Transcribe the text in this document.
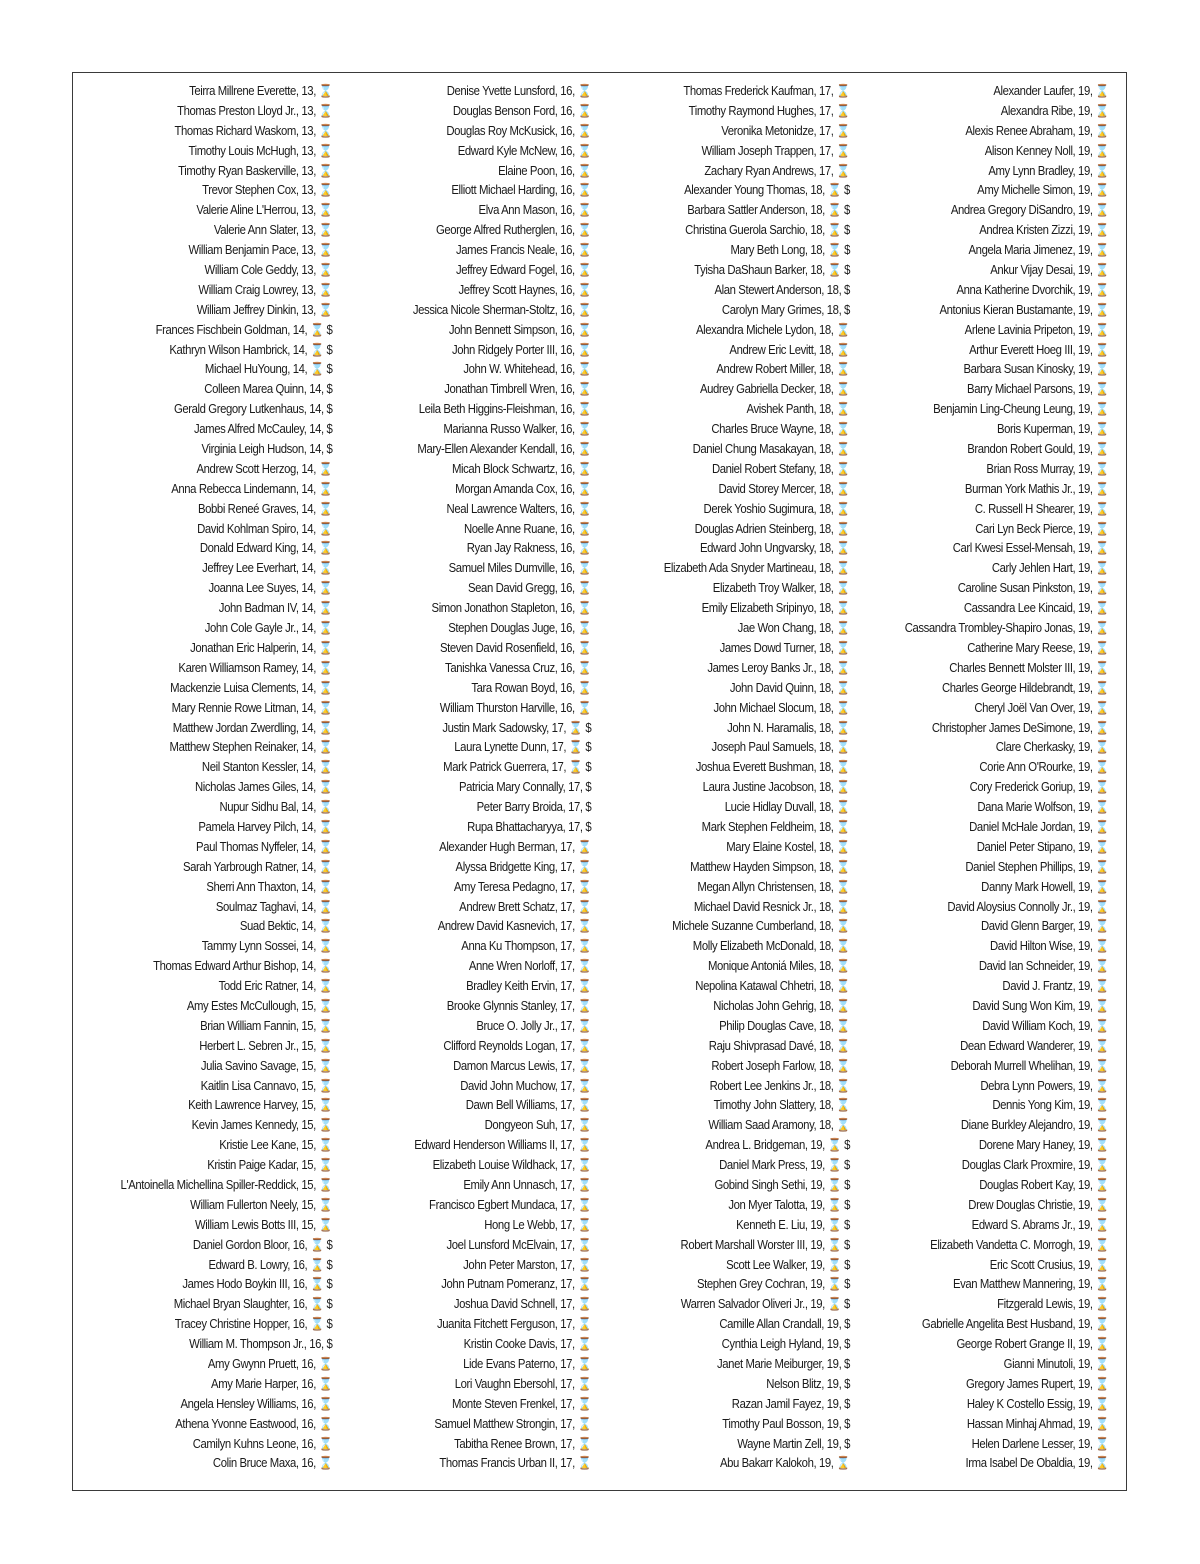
Teirra Millrene Everette, 13, ⌛
Thomas Preston Lloyd Jr., 13, ⌛
Thomas Richard Waskom, 13, ⌛
Timothy Louis McHugh, 13, ⌛
Timothy Ryan Baskerville, 13, ⌛
Trevor Stephen Cox, 13, ⌛
Valerie Aline L'Herrou, 13, ⌛
Valerie Ann Slater, 13, ⌛
William Benjamin Pace, 13, ⌛
William Cole Geddy, 13, ⌛
William Craig Lowrey, 13, ⌛
William Jeffrey Dinkin, 13, ⌛
Frances Fischbein Goldman, 14, ⌛ $
Kathryn Wilson Hambrick, 14, ⌛ $
Michael HuYoung, 14, ⌛ $
Colleen Marea Quinn, 14, $
Gerald Gregory Lutkenhaus, 14, $
James Alfred McCauley, 14, $
Virginia Leigh Hudson, 14, $
Andrew Scott Herzog, 14, ⌛
Anna Rebecca Lindemann, 14, ⌛
Bobbi Reneé Graves, 14, ⌛
David Kohlman Spiro, 14, ⌛
Donald Edward King, 14, ⌛
Jeffrey Lee Everhart, 14, ⌛
Joanna Lee Suyes, 14, ⌛
John Badman IV, 14, ⌛
John Cole Gayle Jr., 14, ⌛
Jonathan Eric Halperin, 14, ⌛
Karen Williamson Ramey, 14, ⌛
Mackenzie Luisa Clements, 14, ⌛
Mary Rennie Rowe Litman, 14, ⌛
Matthew Jordan Zwerdling, 14, ⌛
Matthew Stephen Reinaker, 14, ⌛
Neil Stanton Kessler, 14, ⌛
Nicholas James Giles, 14, ⌛
Nupur Sidhu Bal, 14, ⌛
Pamela Harvey Pilch, 14, ⌛
Paul Thomas Nyffeler, 14, ⌛
Sarah Yarbrough Ratner, 14, ⌛
Sherri Ann Thaxton, 14, ⌛
Soulmaz Taghavi, 14, ⌛
Suad Bektic, 14, ⌛
Tammy Lynn Sossei, 14, ⌛
Thomas Edward Arthur Bishop, 14, ⌛
Todd Eric Ratner, 14, ⌛
Amy Estes McCullough, 15, ⌛
Brian William Fannin, 15, ⌛
Herbert L. Sebren Jr., 15, ⌛
Julia Savino Savage, 15, ⌛
Kaitlin Lisa Cannavo, 15, ⌛
Keith Lawrence Harvey, 15, ⌛
Kevin James Kennedy, 15, ⌛
Kristie Lee Kane, 15, ⌛
Kristin Paige Kadar, 15, ⌛
L'Antoinella Michellina Spiller-Reddick, 15, ⌛
William Fullerton Neely, 15, ⌛
William Lewis Botts III, 15, ⌛
Daniel Gordon Bloor, 16, ⌛ $
Edward B. Lowry, 16, ⌛ $
James Hodo Boykin III, 16, ⌛ $
Michael Bryan Slaughter, 16, ⌛ $
Tracey Christine Hopper, 16, ⌛ $
William M. Thompson Jr., 16, $
Amy Gwynn Pruett, 16, ⌛
Amy Marie Harper, 16, ⌛
Angela Hensley Williams, 16, ⌛
Athena Yvonne Eastwood, 16, ⌛
Camilyn Kuhns Leone, 16, ⌛
Colin Bruce Maxa, 16, ⌛
Denise Yvette Lunsford, 16, ⌛
Douglas Benson Ford, 16, ⌛
Douglas Roy McKusick, 16, ⌛
Edward Kyle McNew, 16, ⌛
Elaine Poon, 16, ⌛
Elliott Michael Harding, 16, ⌛
Elva Ann Mason, 16, ⌛
George Alfred Rutherglen, 16, ⌛
James Francis Neale, 16, ⌛
Jeffrey Edward Fogel, 16, ⌛
Jeffrey Scott Haynes, 16, ⌛
Jessica Nicole Sherman-Stoltz, 16, ⌛
John Bennett Simpson, 16, ⌛
John Ridgely Porter III, 16, ⌛
John W. Whitehead, 16, ⌛
Jonathan Timbrell Wren, 16, ⌛
Leila Beth Higgins-Fleishman, 16, ⌛
Marianna Russo Walker, 16, ⌛
Mary-Ellen Alexander Kendall, 16, ⌛
Micah Block Schwartz, 16, ⌛
Morgan Amanda Cox, 16, ⌛
Neal Lawrence Walters, 16, ⌛
Noelle Anne Ruane, 16, ⌛
Ryan Jay Rakness, 16, ⌛
Samuel Miles Dumville, 16, ⌛
Sean David Gregg, 16, ⌛
Simon Jonathon Stapleton, 16, ⌛
Stephen Douglas Juge, 16, ⌛
Steven David Rosenfield, 16, ⌛
Tanishka Vanessa Cruz, 16, ⌛
Tara Rowan Boyd, 16, ⌛
William Thurston Harville, 16, ⌛
Justin Mark Sadowsky, 17, ⌛ $
Laura Lynette Dunn, 17, ⌛ $
Mark Patrick Guerrera, 17, ⌛ $
Patricia Mary Connally, 17, $
Peter Barry Broida, 17, $
Rupa Bhattacharyya, 17, $
Alexander Hugh Berman, 17, ⌛
Alyssa Bridgette King, 17, ⌛
Amy Teresa Pedagno, 17, ⌛
Andrew Brett Schatz, 17, ⌛
Andrew David Kasnevich, 17, ⌛
Anna Ku Thompson, 17, ⌛
Anne Wren Norloff, 17, ⌛
Bradley Keith Ervin, 17, ⌛
Brooke Glynnis Stanley, 17, ⌛
Bruce O. Jolly Jr., 17, ⌛
Clifford Reynolds Logan, 17, ⌛
Damon Marcus Lewis, 17, ⌛
David John Muchow, 17, ⌛
Dawn Bell Williams, 17, ⌛
Dongyeon Suh, 17, ⌛
Edward Henderson Williams II, 17, ⌛
Elizabeth Louise Wildhack, 17, ⌛
Emily Ann Unnasch, 17, ⌛
Francisco Egbert Mundaca, 17, ⌛
Hong Le Webb, 17, ⌛
Joel Lunsford McElvain, 17, ⌛
John Peter Marston, 17, ⌛
John Putnam Pomeranz, 17, ⌛
Joshua David Schnell, 17, ⌛
Juanita Fitchett Ferguson, 17, ⌛
Kristin Cooke Davis, 17, ⌛
Lide Evans Paterno, 17, ⌛
Lori Vaughn Ebersohl, 17, ⌛
Monte Steven Frenkel, 17, ⌛
Samuel Matthew Strongin, 17, ⌛
Tabitha Renee Brown, 17, ⌛
Thomas Francis Urban II, 17, ⌛
Thomas Frederick Kaufman, 17, ⌛
Timothy Raymond Hughes, 17, ⌛
Veronika Metonidze, 17, ⌛
William Joseph Trappen, 17, ⌛
Zachary Ryan Andrews, 17, ⌛
Alexander Young Thomas, 18, ⌛ $
Barbara Sattler Anderson, 18, ⌛ $
Christina Guerola Sarchio, 18, ⌛ $
Mary Beth Long, 18, ⌛ $
Tyisha DaShaun Barker, 18, ⌛ $
Alan Stewert Anderson, 18, $
Carolyn Mary Grimes, 18, $
Alexandra Michele Lydon, 18, ⌛
Andrew Eric Levitt, 18, ⌛
Andrew Robert Miller, 18, ⌛
Audrey Gabriella Decker, 18, ⌛
Avishek Panth, 18, ⌛
Charles Bruce Wayne, 18, ⌛
Daniel Chung Masakayan, 18, ⌛
Daniel Robert Stefany, 18, ⌛
David Storey Mercer, 18, ⌛
Derek Yoshio Sugimura, 18, ⌛
Douglas Adrien Steinberg, 18, ⌛
Edward John Ungvarsky, 18, ⌛
Elizabeth Ada Snyder Martineau, 18, ⌛
Elizabeth Troy Walker, 18, ⌛
Emily Elizabeth Sripinyo, 18, ⌛
Jae Won Chang, 18, ⌛
James Dowd Turner, 18, ⌛
James Leroy Banks Jr., 18, ⌛
John David Quinn, 18, ⌛
John Michael Slocum, 18, ⌛
John N. Haramalis, 18, ⌛
Joseph Paul Samuels, 18, ⌛
Joshua Everett Bushman, 18, ⌛
Laura Justine Jacobson, 18, ⌛
Lucie Hidlay Duvall, 18, ⌛
Mark Stephen Feldheim, 18, ⌛
Mary Elaine Kostel, 18, ⌛
Matthew Hayden Simpson, 18, ⌛
Megan Allyn Christensen, 18, ⌛
Michael David Resnick Jr., 18, ⌛
Michele Suzanne Cumberland, 18, ⌛
Molly Elizabeth McDonald, 18, ⌛
Monique Antoniá Miles, 18, ⌛
Nepolina Katawal Chhetri, 18, ⌛
Nicholas John Gehrig, 18, ⌛
Philip Douglas Cave, 18, ⌛
Raju Shivprasad Davé, 18, ⌛
Robert Joseph Farlow, 18, ⌛
Robert Lee Jenkins Jr., 18, ⌛
Timothy John Slattery, 18, ⌛
William Saad Aramony, 18, ⌛
Andrea L. Bridgeman, 19, ⌛ $
Daniel Mark Press, 19, ⌛ $
Gobind Singh Sethi, 19, ⌛ $
Jon Myer Talotta, 19, ⌛ $
Kenneth E. Liu, 19, ⌛ $
Robert Marshall Worster III, 19, ⌛ $
Scott Lee Walker, 19, ⌛ $
Stephen Grey Cochran, 19, ⌛ $
Warren Salvador Oliveri Jr., 19, ⌛ $
Camille Allan Crandall, 19, $
Cynthia Leigh Hyland, 19, $
Janet Marie Meiburger, 19, $
Nelson Blitz, 19, $
Razan Jamil Fayez, 19, $
Timothy Paul Bosson, 19, $
Wayne Martin Zell, 19, $
Abu Bakarr Kalokoh, 19, ⌛
Alexander Laufer, 19, ⌛
Alexandra Ribe, 19, ⌛
Alexis Renee Abraham, 19, ⌛
Alison Kenney Noll, 19, ⌛
Amy Lynn Bradley, 19, ⌛
Amy Michelle Simon, 19, ⌛
Andrea Gregory DiSandro, 19, ⌛
Andrea Kristen Zizzi, 19, ⌛
Angela Maria Jimenez, 19, ⌛
Ankur Vijay Desai, 19, ⌛
Anna Katherine Dvorchik, 19, ⌛
Antonius Kieran Bustamante, 19, ⌛
Arlene Lavinia Pripeton, 19, ⌛
Arthur Everett Hoeg III, 19, ⌛
Barbara Susan Kinosky, 19, ⌛
Barry Michael Parsons, 19, ⌛
Benjamin Ling-Cheung Leung, 19, ⌛
Boris Kuperman, 19, ⌛
Brandon Robert Gould, 19, ⌛
Brian Ross Murray, 19, ⌛
Burman York Mathis Jr., 19, ⌛
C. Russell H Shearer, 19, ⌛
Cari Lyn Beck Pierce, 19, ⌛
Carl Kwesi Essel-Mensah, 19, ⌛
Carly Jehlen Hart, 19, ⌛
Caroline Susan Pinkston, 19, ⌛
Cassandra Lee Kincaid, 19, ⌛
Cassandra Trombley-Shapiro Jonas, 19, ⌛
Catherine Mary Reese, 19, ⌛
Charles Bennett Molster III, 19, ⌛
Charles George Hildebrandt, 19, ⌛
Cheryl Joël Van Over, 19, ⌛
Christopher James DeSimone, 19, ⌛
Clare Cherkasky, 19, ⌛
Corie Ann O'Rourke, 19, ⌛
Cory Frederick Goriup, 19, ⌛
Dana Marie Wolfson, 19, ⌛
Daniel McHale Jordan, 19, ⌛
Daniel Peter Stipano, 19, ⌛
Daniel Stephen Phillips, 19, ⌛
Danny Mark Howell, 19, ⌛
David Aloysius Connolly Jr., 19, ⌛
David Glenn Barger, 19, ⌛
David Hilton Wise, 19, ⌛
David Ian Schneider, 19, ⌛
David J. Frantz, 19, ⌛
David Sung Won Kim, 19, ⌛
David William Koch, 19, ⌛
Dean Edward Wanderer, 19, ⌛
Deborah Murrell Whelihan, 19, ⌛
Debra Lynn Powers, 19, ⌛
Dennis Yong Kim, 19, ⌛
Diane Burkley Alejandro, 19, ⌛
Dorene Mary Haney, 19, ⌛
Douglas Clark Proxmire, 19, ⌛
Douglas Robert Kay, 19, ⌛
Drew Douglas Christie, 19, ⌛
Edward S. Abrams Jr., 19, ⌛
Elizabeth Vandetta C. Morrogh, 19, ⌛
Eric Scott Crusius, 19, ⌛
Evan Matthew Mannering, 19, ⌛
Fitzgerald Lewis, 19, ⌛
Gabrielle Angelita Best Husband, 19, ⌛
George Robert Grange II, 19, ⌛
Gianni Minutoli, 19, ⌛
Gregory James Rupert, 19, ⌛
Haley K Costello Essig, 19, ⌛
Hassan Minhaj Ahmad, 19, ⌛
Helen Darlene Lesser, 19, ⌛
Irma Isabel De Obaldia, 19, ⌛
